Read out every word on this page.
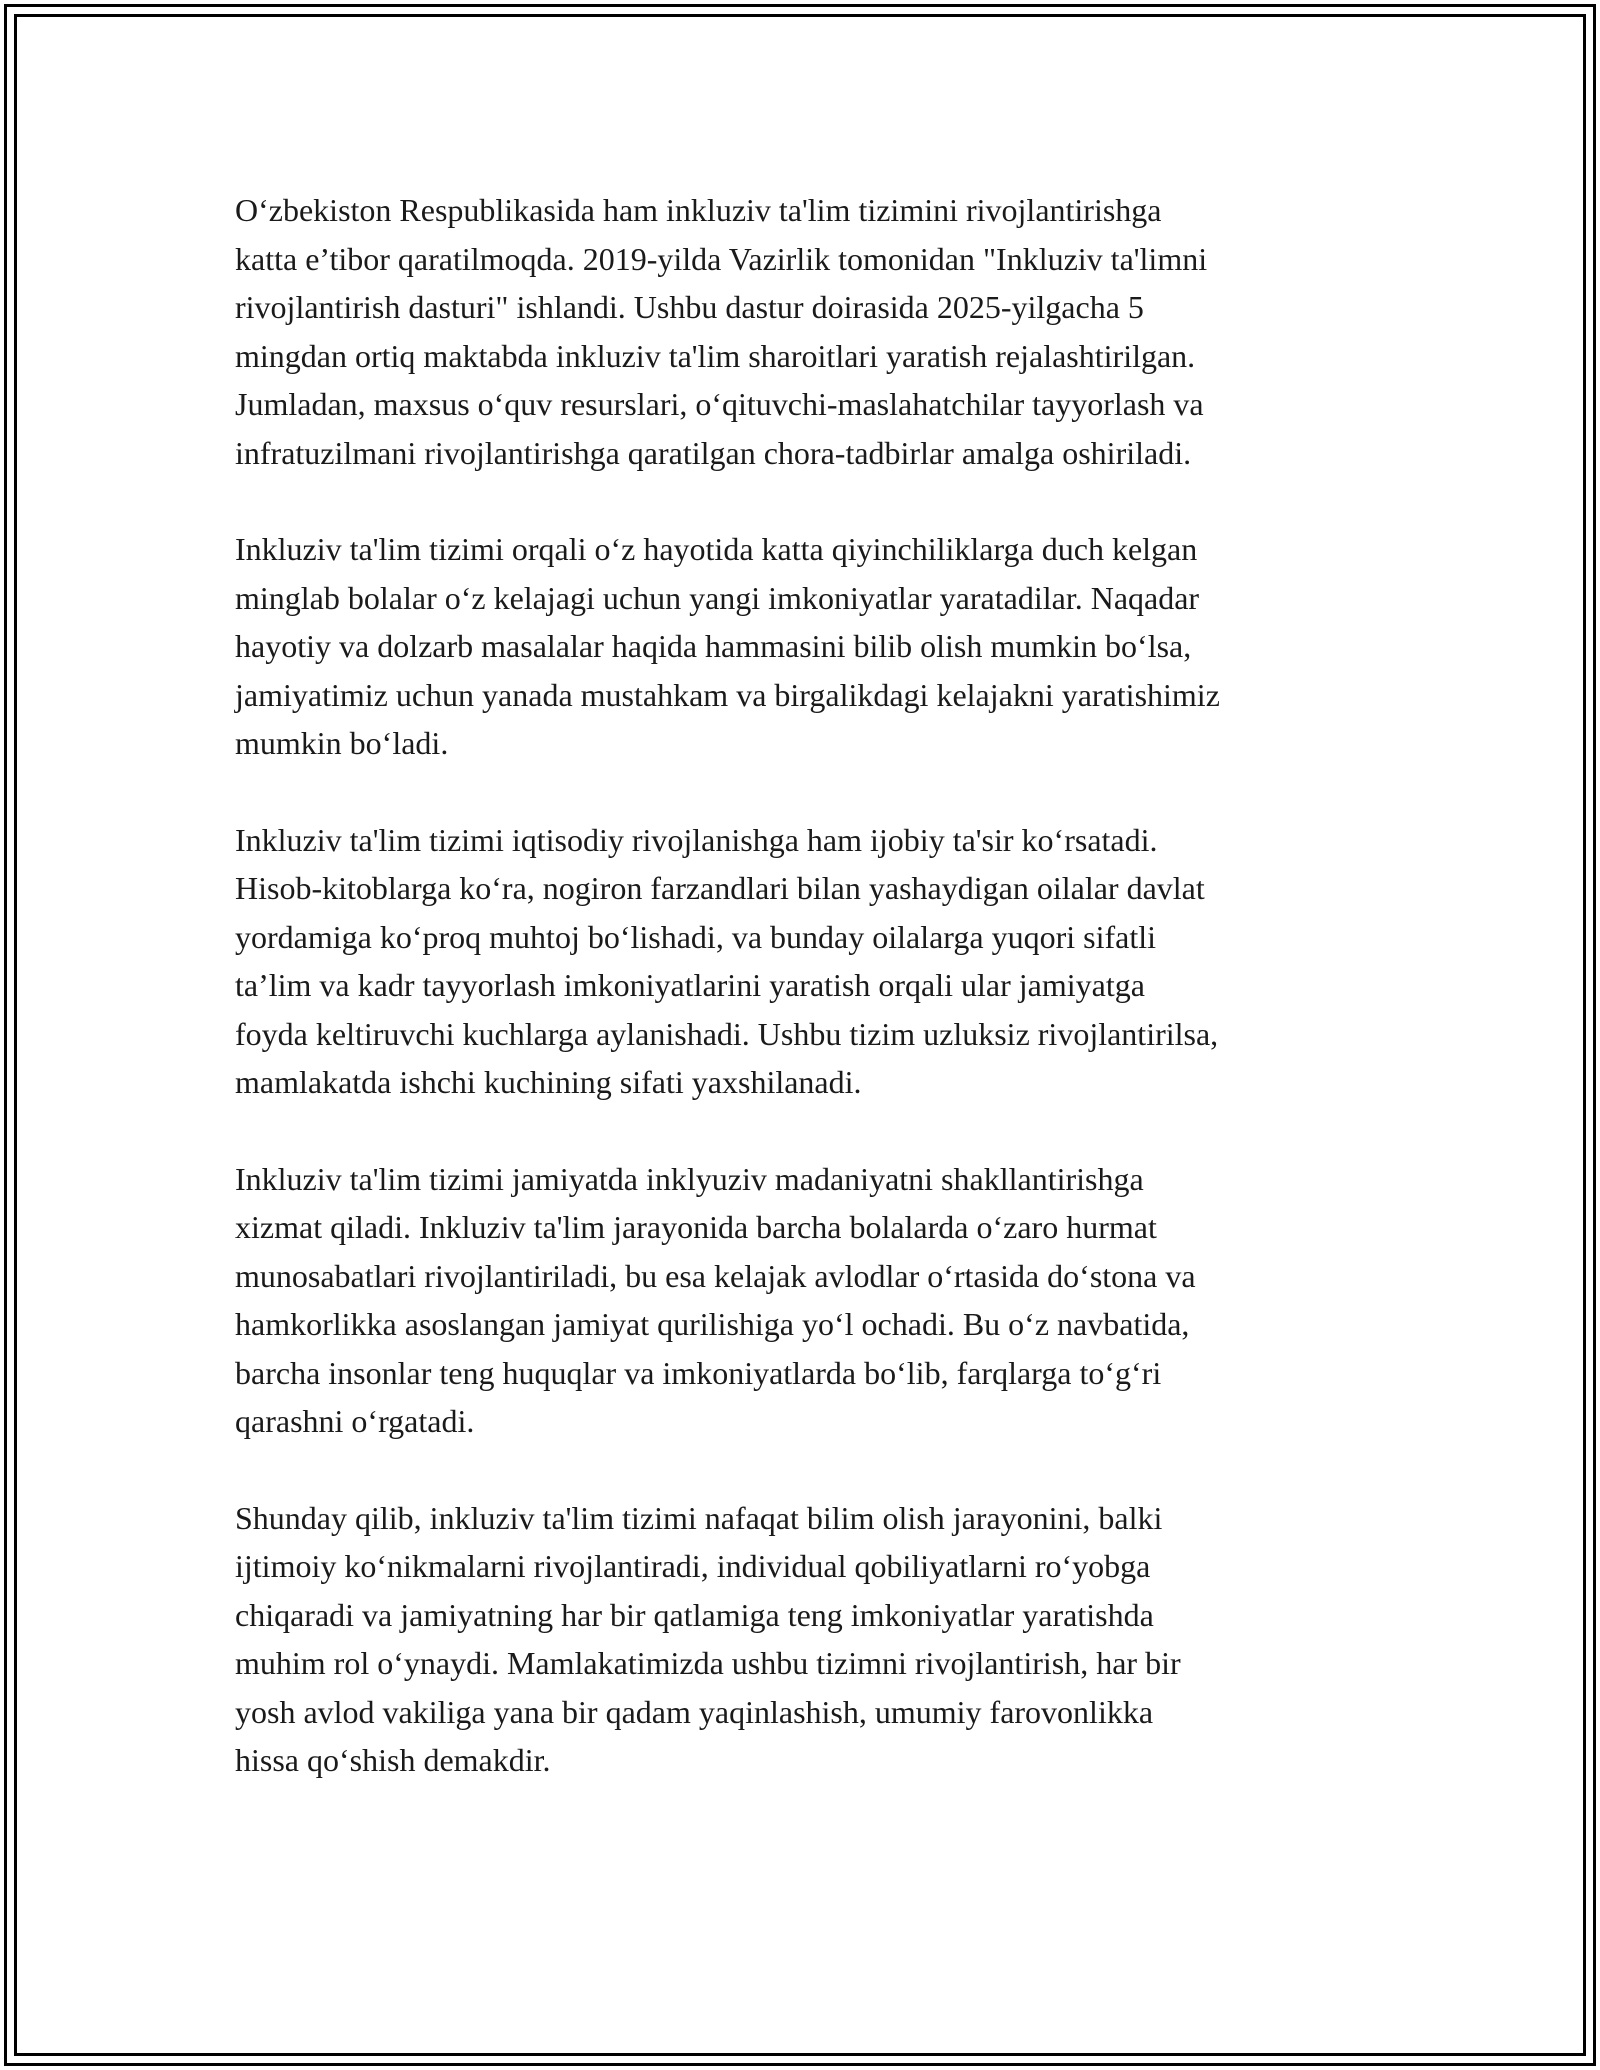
O‘zbekiston Respublikasida ham inkluziv ta'lim tizimini rivojlantirishga
katta e’tibor qaratilmoqda. 2019-yilda Vazirlik tomonidan "Inkluziv ta'limni
rivojlantirish dasturi" ishlandi. Ushbu dastur doirasida 2025-yilgacha 5
mingdan ortiq maktabda inkluziv ta'lim sharoitlari yaratish rejalashtirilgan.
Jumladan, maxsus o‘quv resurslari, o‘qituvchi-maslahatchilar tayyorlash va
infratuzilmani rivojlantirishga qaratilgan chora-tadbirlar amalga oshiriladi.

Inkluziv ta'lim tizimi orqali o‘z hayotida katta qiyinchiliklarga duch kelgan
minglab bolalar o‘z kelajagi uchun yangi imkoniyatlar yaratadilar. Naqadar
hayotiy va dolzarb masalalar haqida hammasini bilib olish mumkin bo‘lsa,
jamiyatimiz uchun yanada mustahkam va birgalikdagi kelajakni yaratishimiz
mumkin bo‘ladi.

Inkluziv ta'lim tizimi iqtisodiy rivojlanishga ham ijobiy ta'sir ko‘rsatadi.
Hisob-kitoblarga ko‘ra, nogiron farzandlari bilan yashaydigan oilalar davlat
yordamiga ko‘proq muhtoj bo‘lishadi, va bunday oilalarga yuqori sifatli
ta’lim va kadr tayyorlash imkoniyatlarini yaratish orqali ular jamiyatga
foyda keltiruvchi kuchlarga aylanishadi. Ushbu tizim uzluksiz rivojlantirilsa,
mamlakatda ishchi kuchining sifati yaxshilanadi.

Inkluziv ta'lim tizimi jamiyatda inklyuziv madaniyatni shakllantirishga
xizmat qiladi. Inkluziv ta'lim jarayonida barcha bolalarda o‘zaro hurmat
munosabatlari rivojlantiriladi, bu esa kelajak avlodlar o‘rtasida do‘stona va
hamkorlikka asoslangan jamiyat qurilishiga yo‘l ochadi. Bu o‘z navbatida,
barcha insonlar teng huquqlar va imkoniyatlarda bo‘lib, farqlarga to‘g‘ri
qarashni o‘rgatadi.

Shunday qilib, inkluziv ta'lim tizimi nafaqat bilim olish jarayonini, balki
ijtimoiy ko‘nikmalarni rivojlantiradi, individual qobiliyatlarni ro‘yobga
chiqaradi va jamiyatning har bir qatlamiga teng imkoniyatlar yaratishda
muhim rol o‘ynaydi. Mamlakatimizda ushbu tizimni rivojlantirish, har bir
yosh avlod vakiliga yana bir qadam yaqinlashish, umumiy farovonlikka
hissa qo‘shish demakdir.
